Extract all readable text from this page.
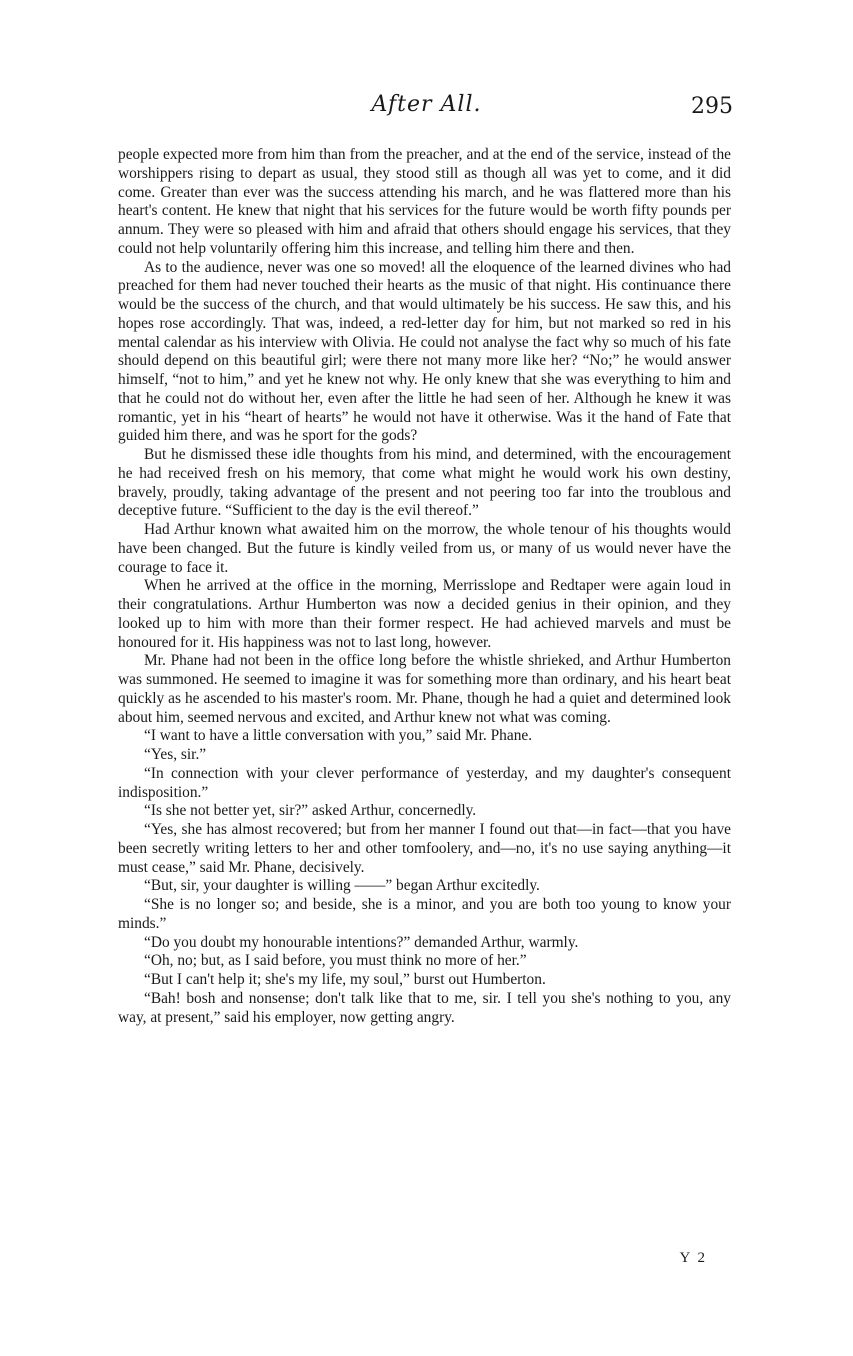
After All.	295

people expected more from him than from the preacher, and at the end of the service, instead of the worshippers rising to depart as usual, they stood still as though all was yet to come, and it did come. Greater than ever was the success attending his march, and he was flattered more than his heart's content. He knew that night that his services for the future would be worth fifty pounds per annum. They were so pleased with him and afraid that others should engage his services, that they could not help voluntarily offering him this increase, and telling him there and then.

As to the audience, never was one so moved! all the eloquence of the learned divines who had preached for them had never touched their hearts as the music of that night. His continuance there would be the success of the church, and that would ultimately be his success. He saw this, and his hopes rose accordingly. That was, indeed, a red-letter day for him, but not marked so red in his mental calendar as his interview with Olivia. He could not analyse the fact why so much of his fate should depend on this beautiful girl; were there not many more like her? “No;” he would answer himself, “not to him,” and yet he knew not why. He only knew that she was everything to him and that he could not do without her, even after the little he had seen of her. Although he knew it was romantic, yet in his “heart of hearts” he would not have it otherwise. Was it the hand of Fate that guided him there, and was he sport for the gods?

But he dismissed these idle thoughts from his mind, and determined, with the encouragement he had received fresh on his memory, that come what might he would work his own destiny, bravely, proudly, taking advantage of the present and not peering too far into the troublous and deceptive future. “Sufficient to the day is the evil thereof.”

Had Arthur known what awaited him on the morrow, the whole tenour of his thoughts would have been changed. But the future is kindly veiled from us, or many of us would never have the courage to face it.

When he arrived at the office in the morning, Merrisslope and Redtaper were again loud in their congratulations. Arthur Humberton was now a decided genius in their opinion, and they looked up to him with more than their former respect. He had achieved marvels and must be honoured for it. His happiness was not to last long, however.

Mr. Phane had not been in the office long before the whistle shrieked, and Arthur Humberton was summoned. He seemed to imagine it was for something more than ordinary, and his heart beat quickly as he ascended to his master's room. Mr. Phane, though he had a quiet and determined look about him, seemed nervous and excited, and Arthur knew not what was coming.

“I want to have a little conversation with you,” said Mr. Phane.

“Yes, sir.”

“In connection with your clever performance of yesterday, and my daughter's consequent indisposition.”

“Is she not better yet, sir?” asked Arthur, concernedly.

“Yes, she has almost recovered; but from her manner I found out that—in fact—that you have been secretly writing letters to her and other tomfoolery, and—no, it's no use saying anything—it must cease,” said Mr. Phane, decisively.

“But, sir, your daughter is willing ——” began Arthur excitedly.

“She is no longer so; and beside, she is a minor, and you are both too young to know your minds.”

“Do you doubt my honourable intentions?” demanded Arthur, warmly.

“Oh, no; but, as I said before, you must think no more of her.”

“But I can't help it; she's my life, my soul,” burst out Humberton.

“Bah! bosh and nonsense; don't talk like that to me, sir. I tell you she's nothing to you, any way, at present,” said his employer, now getting angry.

Y 2
